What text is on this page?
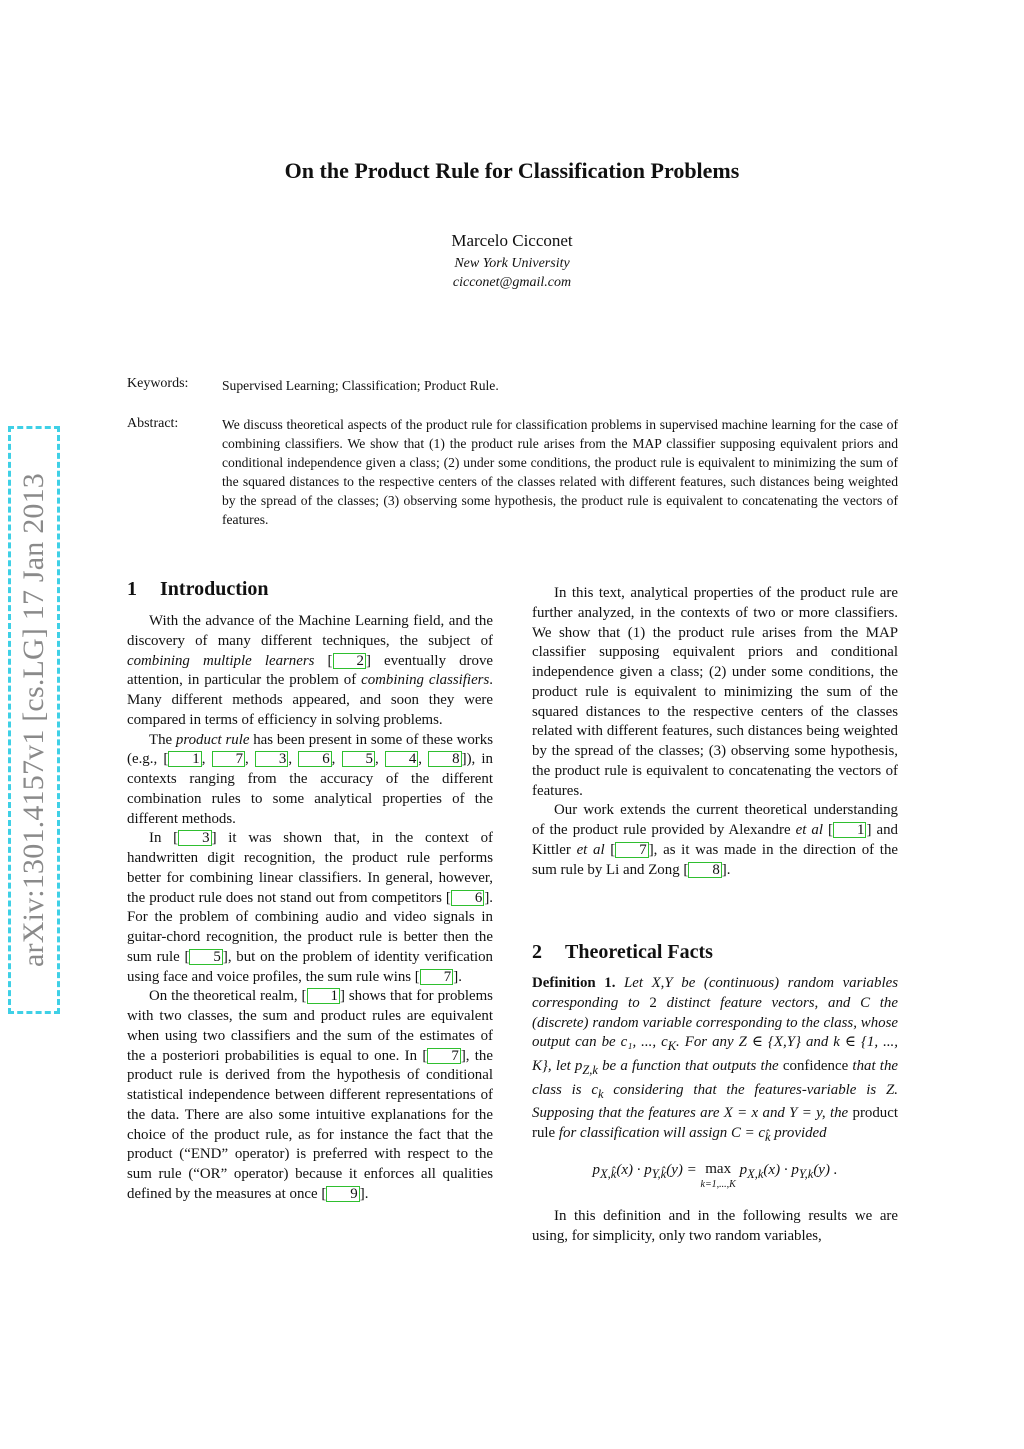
On the Product Rule for Classification Problems
Marcelo Cicconet
New York University
cicconet@gmail.com
Keywords: Supervised Learning; Classification; Product Rule.
Abstract:	We discuss theoretical aspects of the product rule for classification problems in supervised machine learning for the case of combining classifiers. We show that (1) the product rule arises from the MAP classifier supposing equivalent priors and conditional independence given a class; (2) under some conditions, the product rule is equivalent to minimizing the sum of the squared distances to the respective centers of the classes related with different features, such distances being weighted by the spread of the classes; (3) observing some hypothesis, the product rule is equivalent to concatenating the vectors of features.
arXiv:1301.4157v1 [cs.LG] 17 Jan 2013	1 Introduction

With the advance of the Machine Learning field, and the discovery of many different techniques, the subject of combining multiple learners [ 2 ] eventually drove attention, in particular the problem of combining classifiers. Many different methods appeared, and soon they were compared in terms of efficiency in solving problems.

The product rule has been present in some of these works (e.g., [ 1 , 7 , 3 , 6 , 5 , 4 , 8 ]), in contexts ranging from the accuracy of the different combination rules to some analytical properties of the different methods.

In [ 3 ] it was shown that, in the context of handwritten digit recognition, the product rule performs better for combining linear classifiers. In general, however, the product rule does not stand out from competitors [ 6 ]. For the problem of combining audio and video signals in guitar-chord recognition, the product rule is better then the sum rule [ 5 ], but on the problem of identity verification using face and voice profiles, the sum rule wins [ 7 ].

On the theoretical realm, [ 1 ] shows that for problems with two classes, the sum and product rules are equivalent when using two classifiers and the sum of the estimates of the a posteriori probabilities is equal to one. In [ 7 ], the product rule is derived from the hypothesis of conditional statistical independence between different representations of the data. There are also some intuitive explanations for the choice of the product rule, as for instance the fact that the product (“END” operator) is preferred with respect to the sum rule (“OR” operator) because it enforces all qualities defined by the measures at once [ 9 ].

In this text, analytical properties of the product rule are further analyzed, in the contexts of two or more classifiers. We show that (1) the product rule arises from the MAP classifier supposing equivalent priors and conditional independence given a class; (2) under some conditions, the product rule is equivalent to minimizing the sum of the squared distances to the respective centers of the classes related with different features, such distances being weighted by the spread of the classes; (3) observing some hypothesis, the product rule is equivalent to concatenating the vectors of features.

Our work extends the current theoretical understanding of the product rule provided by Alexandre et al [ 1 ] and Kittler et al [ 7 ], as it was made in the direction of the sum rule by Li and Zong [ 8 ].

2 Theoretical Facts
Definition 1. Let X,Y be (continuous) random variables corresponding to 2 distinct feature vectors, and C the (discrete) random variable corresponding to the class, whose output can be c₁, ..., $c_K$. For any Z ∈ {X,Y} and k ∈ {1, ..., K}, let $p_{Z,k}$ be a function that outputs the confidence that the class is $c_k$ considering that the features-variable is Z. Supposing that the features are X = x and Y = y, the product rule for classification will assign $C = c_{k̂}$ provided
$p_{X,k̂}(x) \cdot p_{Y,k̂}(y) = \max$
k=1,...,K $p_{X,k}(x) \cdot p_{Y,k}(y)$ .

In this definition and in the following results we are using, for simplicity, only two random variables,
